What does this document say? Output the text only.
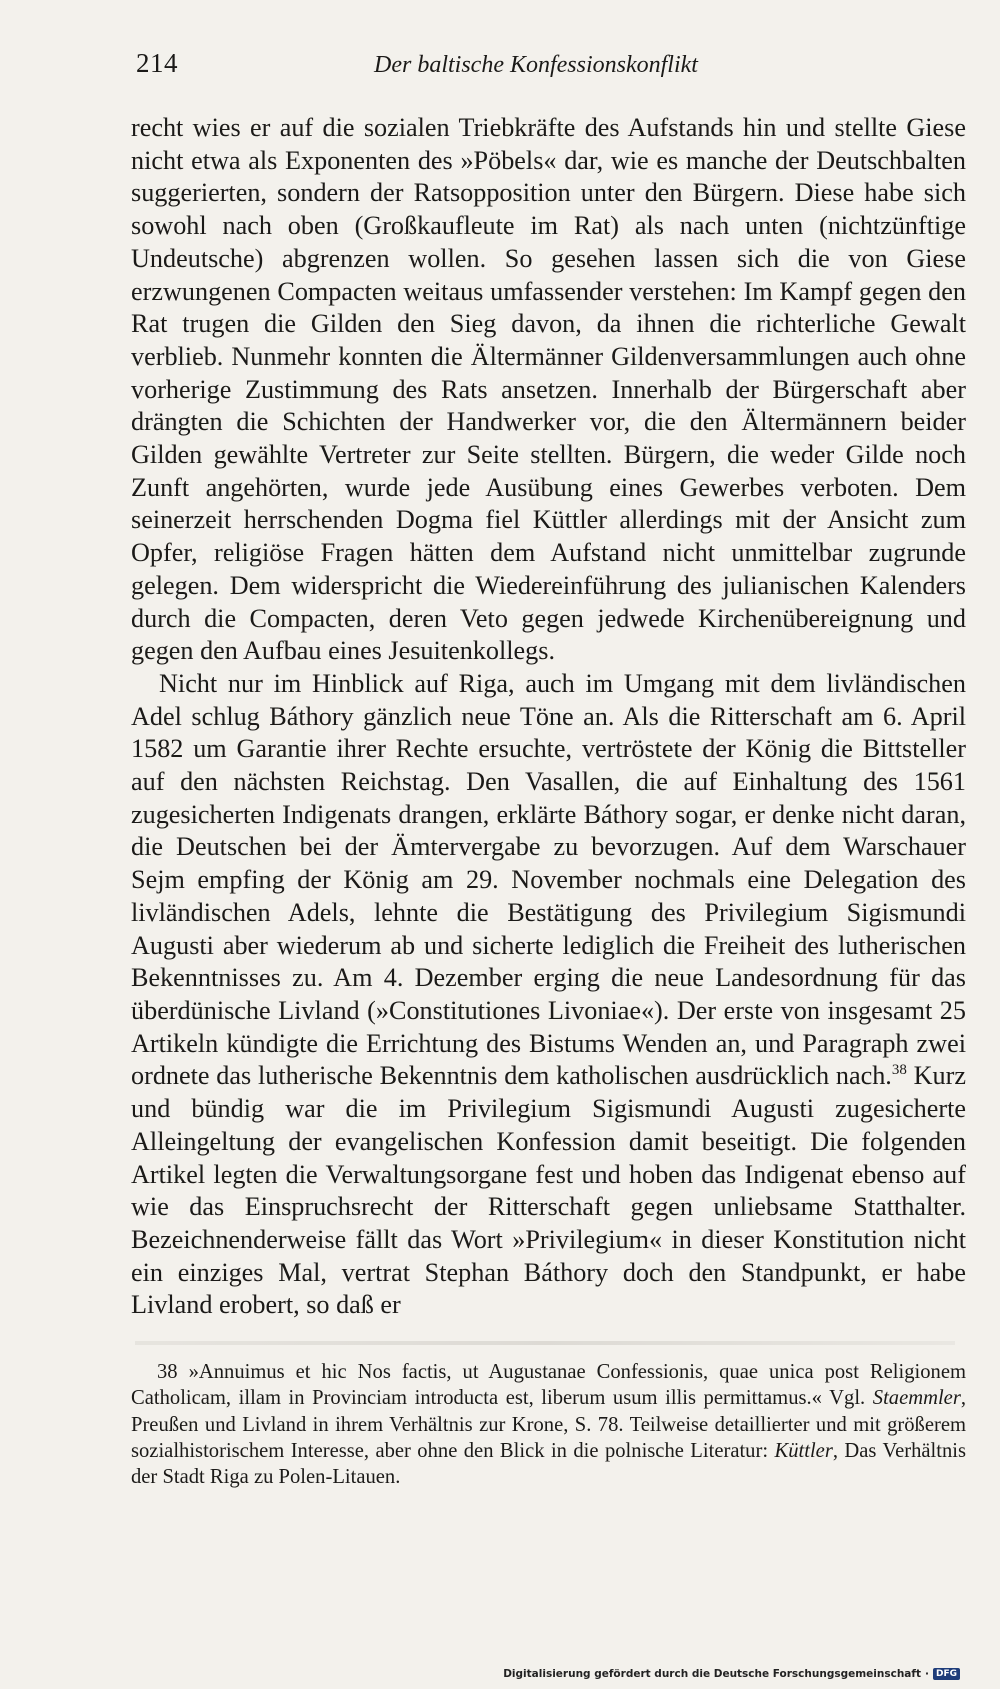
214	Der baltische Konfessionskonflikt

recht wies er auf die sozialen Triebkräfte des Aufstands hin und stellte Giese nicht etwa als Exponenten des »Pöbels« dar, wie es manche der Deutschbalten suggerierten, sondern der Ratsopposition unter den Bürgern. Diese habe sich sowohl nach oben (Großkaufleute im Rat) als nach unten (nichtzünftige Undeutsche) abgrenzen wollen. So gesehen lassen sich die von Giese erzwungenen Compacten weitaus umfassender verstehen: Im Kampf gegen den Rat trugen die Gilden den Sieg davon, da ihnen die richterliche Gewalt verblieb. Nunmehr konnten die Ältermänner Gildenversammlungen auch ohne vorherige Zustimmung des Rats ansetzen. Innerhalb der Bürgerschaft aber drängten die Schichten der Handwerker vor, die den Ältermännern beider Gilden gewählte Vertreter zur Seite stellten. Bürgern, die weder Gilde noch Zunft angehörten, wurde jede Ausübung eines Gewerbes verboten. Dem seinerzeit herrschenden Dogma fiel Küttler allerdings mit der Ansicht zum Opfer, religiöse Fragen hätten dem Aufstand nicht unmittelbar zugrunde gelegen. Dem widerspricht die Wiedereinführung des julianischen Kalenders durch die Compacten, deren Veto gegen jedwede Kirchenübereignung und gegen den Aufbau eines Jesuitenkollegs.

Nicht nur im Hinblick auf Riga, auch im Umgang mit dem livländischen Adel schlug Báthory gänzlich neue Töne an. Als die Ritterschaft am 6. April 1582 um Garantie ihrer Rechte ersuchte, vertröstete der König die Bittsteller auf den nächsten Reichstag. Den Vasallen, die auf Einhaltung des 1561 zugesicherten Indigenats drangen, erklärte Báthory sogar, er denke nicht daran, die Deutschen bei der Ämtervergabe zu bevorzugen. Auf dem Warschauer Sejm empfing der König am 29. November nochmals eine Delegation des livländischen Adels, lehnte die Bestätigung des Privilegium Sigismundi Augusti aber wiederum ab und sicherte lediglich die Freiheit des lutherischen Bekenntnisses zu. Am 4. Dezember erging die neue Landesordnung für das überdünische Livland (»Constitutiones Livoniae«). Der erste von insgesamt 25 Artikeln kündigte die Errichtung des Bistums Wenden an, und Paragraph zwei ordnete das lutherische Bekenntnis dem katholischen ausdrücklich nach.$^{38}$ Kurz und bündig war die im Privilegium Sigismundi Augusti zugesicherte Alleingeltung der evangelischen Konfession damit beseitigt. Die folgenden Artikel legten die Verwaltungsorgane fest und hoben das Indigenat ebenso auf wie das Einspruchsrecht der Ritterschaft gegen unliebsame Statthalter. Bezeichnenderweise fällt das Wort »Privilegium« in dieser Konstitution nicht ein einziges Mal, vertrat Stephan Báthory doch den Standpunkt, er habe Livland erobert, so daß er

38 »Annuimus et hic Nos factis, ut Augustanae Confessionis, quae unica post Religionem Catholicam, illam in Provinciam introducta est, liberum usum illis permittamus.« Vgl. Staemmler, Preußen und Livland in ihrem Verhältnis zur Krone, S. 78. Teilweise detaillierter und mit größerem sozialhistorischem Interesse, aber ohne den Blick in die polnische Literatur: Küttler, Das Verhältnis der Stadt Riga zu Polen-Litauen.

Digitalisierung gefördert durch die Deutsche Forschungsgemeinschaft · DFG
